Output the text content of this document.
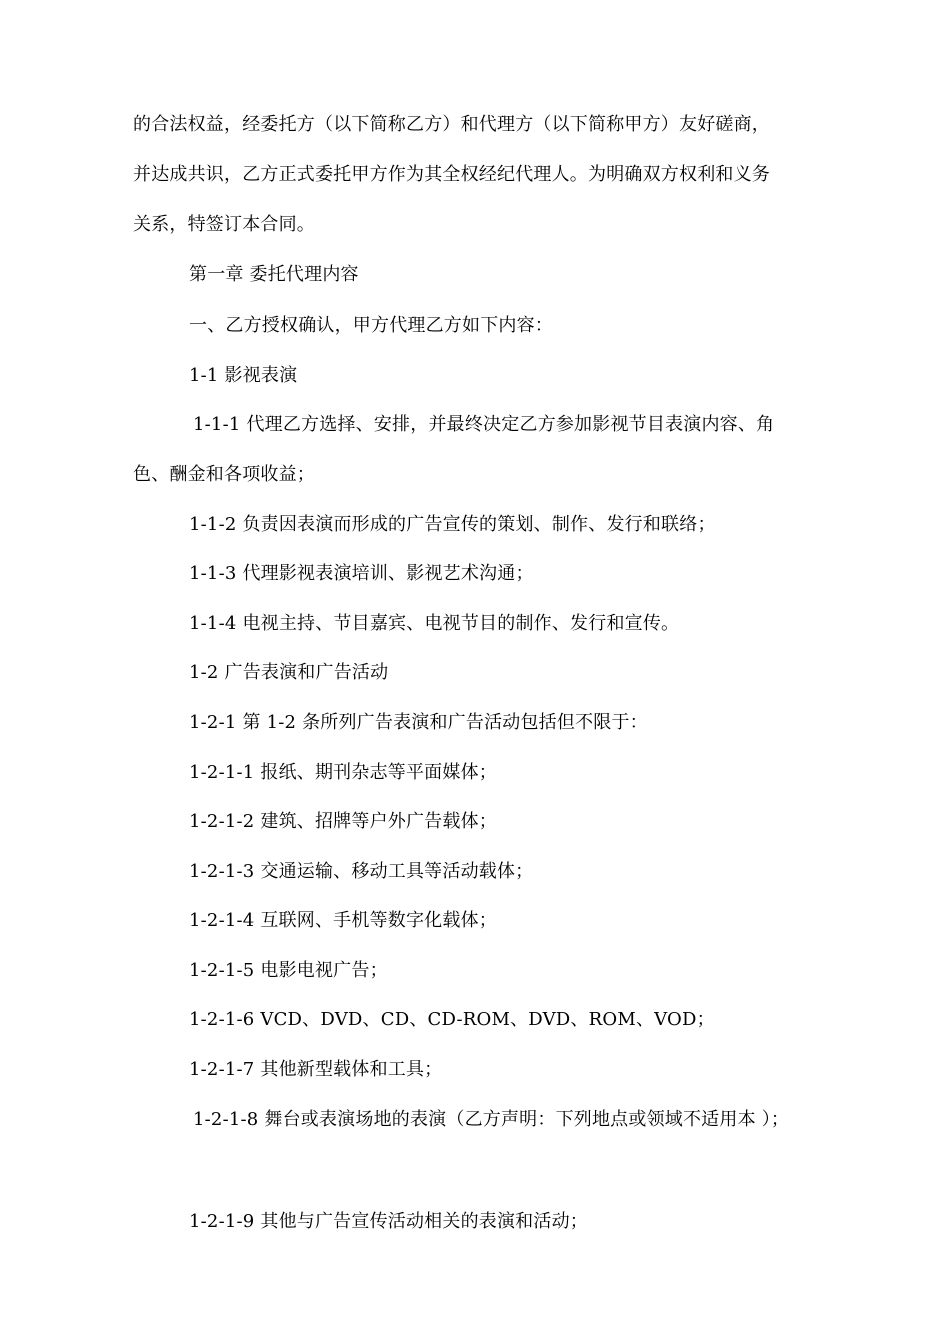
的合法权益，经委托方（以下简称乙方）和代理方（以下简称甲方）友好磋商，
并达成共识，乙方正式委托甲方作为其全权经纪代理人。为明确双方权利和义务
关系，特签订本合同。
第一章 委托代理内容
一、乙方授权确认，甲方代理乙方如下内容：
1-1 影视表演
1-1-1 代理乙方选择、安排，并最终决定乙方参加影视节目表演内容、角
色、酬金和各项收益；
1-1-2 负责因表演而形成的广告宣传的策划、制作、发行和联络；
1-1-3 代理影视表演培训、影视艺术沟通；
1-1-4 电视主持、节目嘉宾、电视节目的制作、发行和宣传。
1-2 广告表演和广告活动
1-2-1 第 1-2 条所列广告表演和广告活动包括但不限于：
1-2-1-1 报纸、期刊杂志等平面媒体；
1-2-1-2 建筑、招牌等户外广告载体；
1-2-1-3 交通运输、移动工具等活动载体；
1-2-1-4 互联网、手机等数字化载体；
1-2-1-5 电影电视广告；
1-2-1-6 VCD、DVD、CD、CD-ROM、DVD、ROM、VOD；
1-2-1-7 其他新型载体和工具；
1-2-1-8 舞台或表演场地的表演（乙方声明：下列地点或领域不适用本 ）；
1-2-1-9 其他与广告宣传活动相关的表演和活动；
